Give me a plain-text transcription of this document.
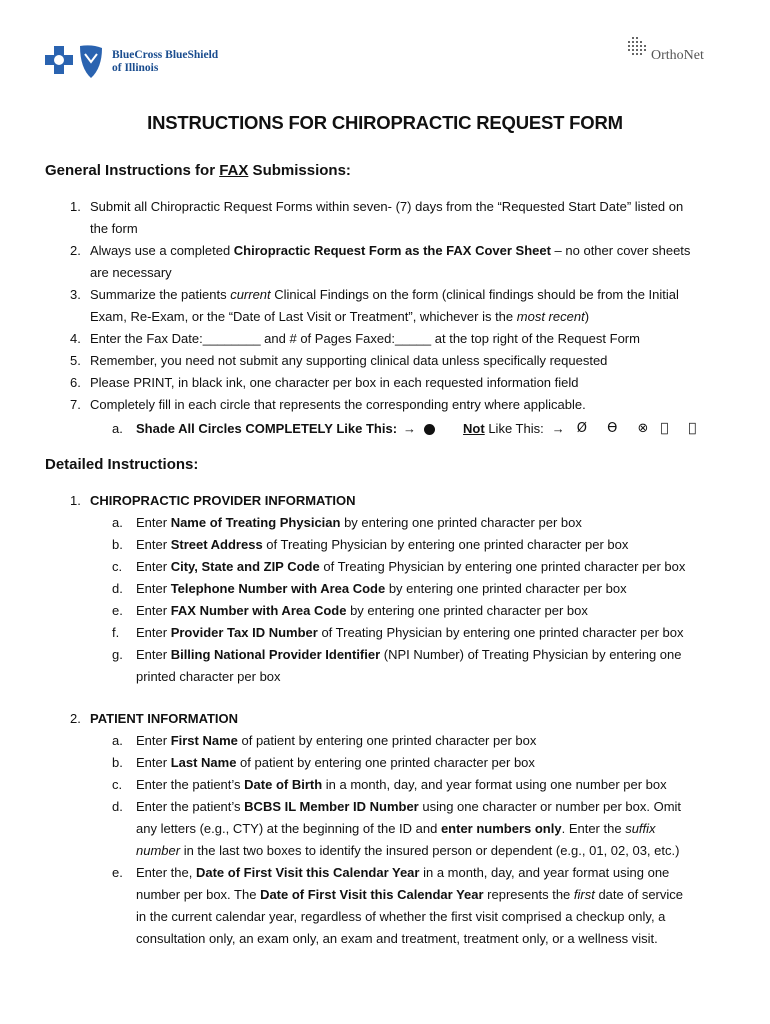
BlueCross BlueShield
of Illinois
OrthoNet
INSTRUCTIONS FOR CHIROPRACTIC REQUEST FORM
General Instructions for FAX Submissions:
1. Submit all Chiropractic Request Forms within seven- (7) days from the “Requested Start Date” listed on
the form
2. Always use a completed Chiropractic Request Form as the FAX Cover Sheet – no other cover sheets
are necessary
3. Summarize the patients current Clinical Findings on the form (clinical findings should be from the Initial
Exam, Re-Exam, or the “Date of Last Visit or Treatment”, whichever is the most recent)
4. Enter the Fax Date:________ and # of Pages Faxed:_____ at the top right of the Request Form
5. Remember, you need not submit any supporting clinical data unless specifically requested
6. Please PRINT, in black ink, one character per box in each requested information field
7. Completely fill in each circle that represents the corresponding entry where applicable.
a.	Shade All Circles COMPLETELY Like This: →	Not Like This: → Ø ϴ ⊗ ⃠ ⦿
Detailed Instructions:
1. CHIROPRACTIC PROVIDER INFORMATION
a.	Enter Name of Treating Physician by entering one printed character per box
b.	Enter Street Address of Treating Physician by entering one printed character per box
c.	Enter City, State and ZIP Code of Treating Physician by entering one printed character per box
d.	Enter Telephone Number with Area Code by entering one printed character per box
e.	Enter FAX Number with Area Code by entering one printed character per box
f.	Enter Provider Tax ID Number of Treating Physician by entering one printed character per box
g.	Enter Billing National Provider Identifier (NPI Number) of Treating Physician by entering one
printed character per box
2. PATIENT INFORMATION
a.	Enter First Name of patient by entering one printed character per box
b.	Enter Last Name of patient by entering one printed character per box
c.	Enter the patient’s Date of Birth in a month, day, and year format using one number per box
d.	Enter the patient’s BCBS IL Member ID Number using one character or number per box. Omit
any letters (e.g., CTY) at the beginning of the ID and enter numbers only. Enter the suffix
number in the last two boxes to identify the insured person or dependent (e.g., 01, 02, 03, etc.)
e.	Enter the, Date of First Visit this Calendar Year in a month, day, and year format using one
number per box. The Date of First Visit this Calendar Year represents the first date of service
in the current calendar year, regardless of whether the first visit comprised a checkup only, a
consultation only, an exam only, an exam and treatment, treatment only, or a wellness visit.
